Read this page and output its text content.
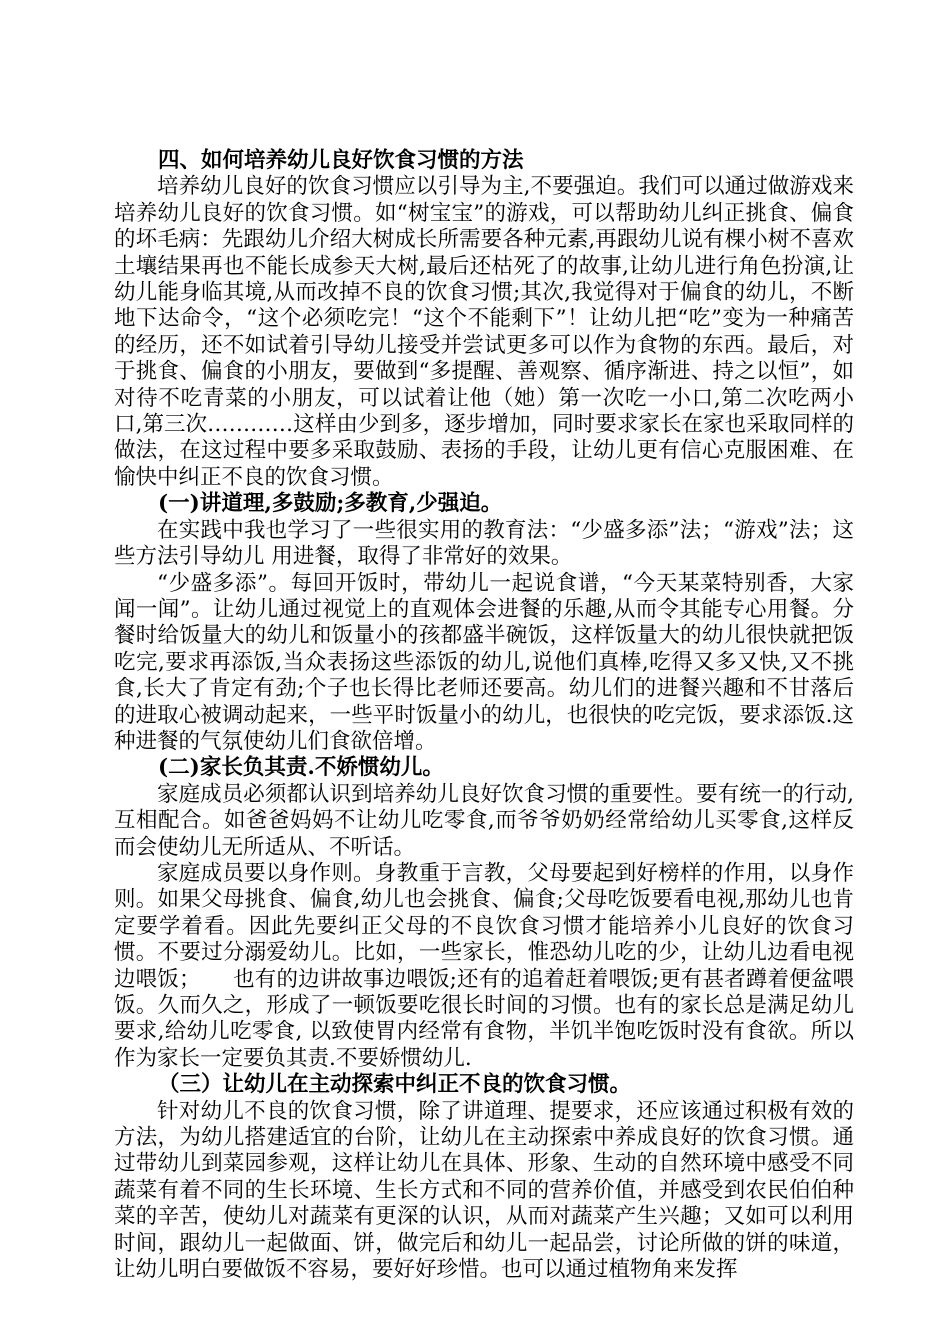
四、如何培养幼儿良好饮食习惯的方法

培养幼儿良好的饮食习惯应以引导为主,不要强迫。我们可以通过做游戏来培养幼儿良好的饮食习惯。如“树宝宝”的游戏，可以帮助幼儿纠正挑食、偏食的坏毛病：先跟幼儿介绍大树成长所需要各种元素,再跟幼儿说有棵小树不喜欢土壤结果再也不能长成参天大树,最后还枯死了的故事,让幼儿进行角色扮演,让幼儿能身临其境,从而改掉不良的饮食习惯;其次,我觉得对于偏食的幼儿，不断地下达命令，“这个必须吃完！“这个不能剩下”！让幼儿把“吃”变为一种痛苦的经历，还不如试着引导幼儿接受并尝试更多可以作为食物的东西。最后，对于挑食、偏食的小朋友，要做到“多提醒、善观察、循序渐进、持之以恒”，如对待不吃青菜的小朋友，可以试着让他（她）第一次吃一小口,第二次吃两小口,第三次…………这样由少到多，逐步增加，同时要求家长在家也采取同样的做法，在这过程中要多采取鼓励、表扬的手段，让幼儿更有信心克服困难、在愉快中纠正不良的饮食习惯。

(一)讲道理,多鼓励;多教育,少强迫。

在实践中我也学习了一些很实用的教育法：“少盛多添”法；“游戏”法；这些方法引导幼儿 用进餐，取得了非常好的效果。

“少盛多添”。每回开饭时，带幼儿一起说食谱，“今天某菜特别香，大家闻一闻”。让幼儿通过视觉上的直观体会进餐的乐趣,从而令其能专心用餐。分餐时给饭量大的幼儿和饭量小的孩都盛半碗饭，这样饭量大的幼儿很快就把饭吃完,要求再添饭,当众表扬这些添饭的幼儿,说他们真棒,吃得又多又快,又不挑食,长大了肯定有劲;个子也长得比老师还要高。幼儿们的进餐兴趣和不甘落后的进取心被调动起来，一些平时饭量小的幼儿，也很快的吃完饭，要求添饭.这种进餐的气氛使幼儿们食欲倍增。

(二)家长负其责.不娇惯幼儿。

家庭成员必须都认识到培养幼儿良好饮食习惯的重要性。要有统一的行动,互相配合。如爸爸妈妈不让幼儿吃零食,而爷爷奶奶经常给幼儿买零食,这样反而会使幼儿无所适从、不听话。

家庭成员要以身作则。身教重于言教，父母要起到好榜样的作用，以身作则。如果父母挑食、偏食,幼儿也会挑食、偏食;父母吃饭要看电视,那幼儿也肯定要学着看。因此先要纠正父母的不良饮食习惯才能培养小儿良好的饮食习惯。不要过分溺爱幼儿。比如，一些家长，惟恐幼儿吃的少，让幼儿边看电视边喂饭；　　也有的边讲故事边喂饭;还有的追着赶着喂饭;更有甚者蹲着便盆喂饭。久而久之，形成了一顿饭要吃很长时间的习惯。也有的家长总是满足幼儿要求,给幼儿吃零食, 以致使胃内经常有食物，半饥半饱吃饭时没有食欲。所以作为家长一定要负其责.不要娇惯幼儿.

（三）让幼儿在主动探索中纠正不良的饮食习惯。

针对幼儿不良的饮食习惯，除了讲道理、提要求，还应该通过积极有效的方法，为幼儿搭建适宜的台阶，让幼儿在主动探索中养成良好的饮食习惯。通过带幼儿到菜园参观，这样让幼儿在具体、形象、生动的自然环境中感受不同蔬菜有着不同的生长环境、生长方式和不同的营养价值，并感受到农民伯伯种菜的辛苦，使幼儿对蔬菜有更深的认识，从而对蔬菜产生兴趣；又如可以利用时间，跟幼儿一起做面、饼，做完后和幼儿一起品尝，讨论所做的饼的味道，让幼儿明白要做饭不容易，要好好珍惜。也可以通过植物角来发挥
